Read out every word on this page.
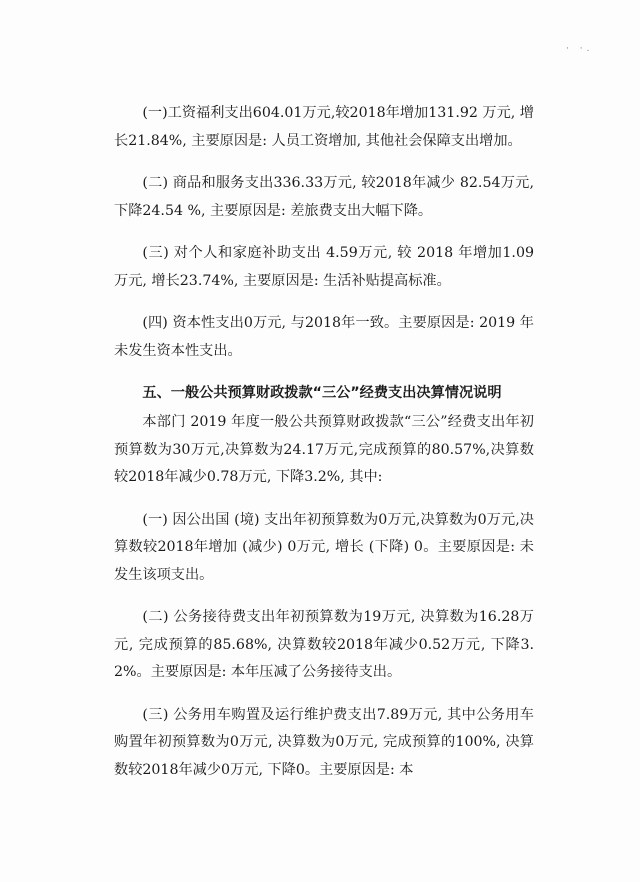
· ·.

(一)工资福利支出604.01万元,较2018年增加131.92 万元, 增长21.84%, 主要原因是: 人员工资增加, 其他社会保障支出增加。

(二) 商品和服务支出336.33万元, 较2018年减少 82.54万元, 下降24.54 %, 主要原因是: 差旅费支出大幅下降。

(三) 对个人和家庭补助支出 4.59万元, 较 2018 年增加1.09万元, 增长23.74%, 主要原因是: 生活补贴提高标准。

(四) 资本性支出0万元, 与2018年一致。主要原因是: 2019 年未发生资本性支出。

五、一般公共预算财政拨款“三公”经费支出决算情况说明

本部门 2019 年度一般公共预算财政拨款“三公”经费支出年初预算数为30万元,决算数为24.17万元,完成预算的80.57%,决算数较2018年减少0.78万元, 下降3.2%, 其中:

(一) 因公出国 (境) 支出年初预算数为0万元,决算数为0万元,决算数较2018年增加 (减少) 0万元, 增长 (下降) 0。主要原因是: 未发生该项支出。

(二) 公务接待费支出年初预算数为19万元, 决算数为16.28万元, 完成预算的85.68%, 决算数较2018年减少0.52万元, 下降3.2%。主要原因是: 本年压减了公务接待支出。

(三) 公务用车购置及运行维护费支出7.89万元, 其中公务用车购置年初预算数为0万元, 决算数为0万元, 完成预算的100%, 决算数较2018年减少0万元, 下降0。主要原因是: 本
